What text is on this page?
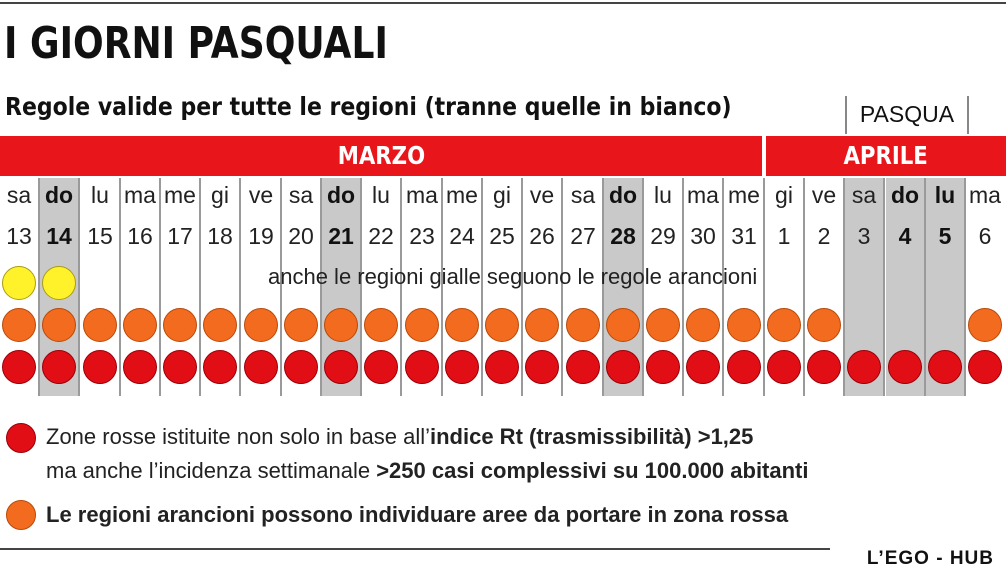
I GIORNI PASQUALI
Regole valide per tutte le regioni (tranne quelle in bianco)	PASQUA
MARZO	APRILE
ma
6
lu
5
do
4
sa
3
ve
2
gi
1
me
31
ma
30
lu
29
do
28
sa
27
ve
26
gi
25
me
24
ma
23
lu
22
do
21
sa
20
ve
19
gi
18
me
17
ma
16
lu
15
do
14
sa
13
anche le regioni gialle seguono le regole arancioni
Zone rosse istituite non solo in base all’indice Rt (trasmissibilità) >1,25
ma anche l’incidenza settimanale >250 casi complessivi su 100.000 abitanti
Le regioni arancioni possono individuare aree da portare in zona rossa
L’EGO - HUB
